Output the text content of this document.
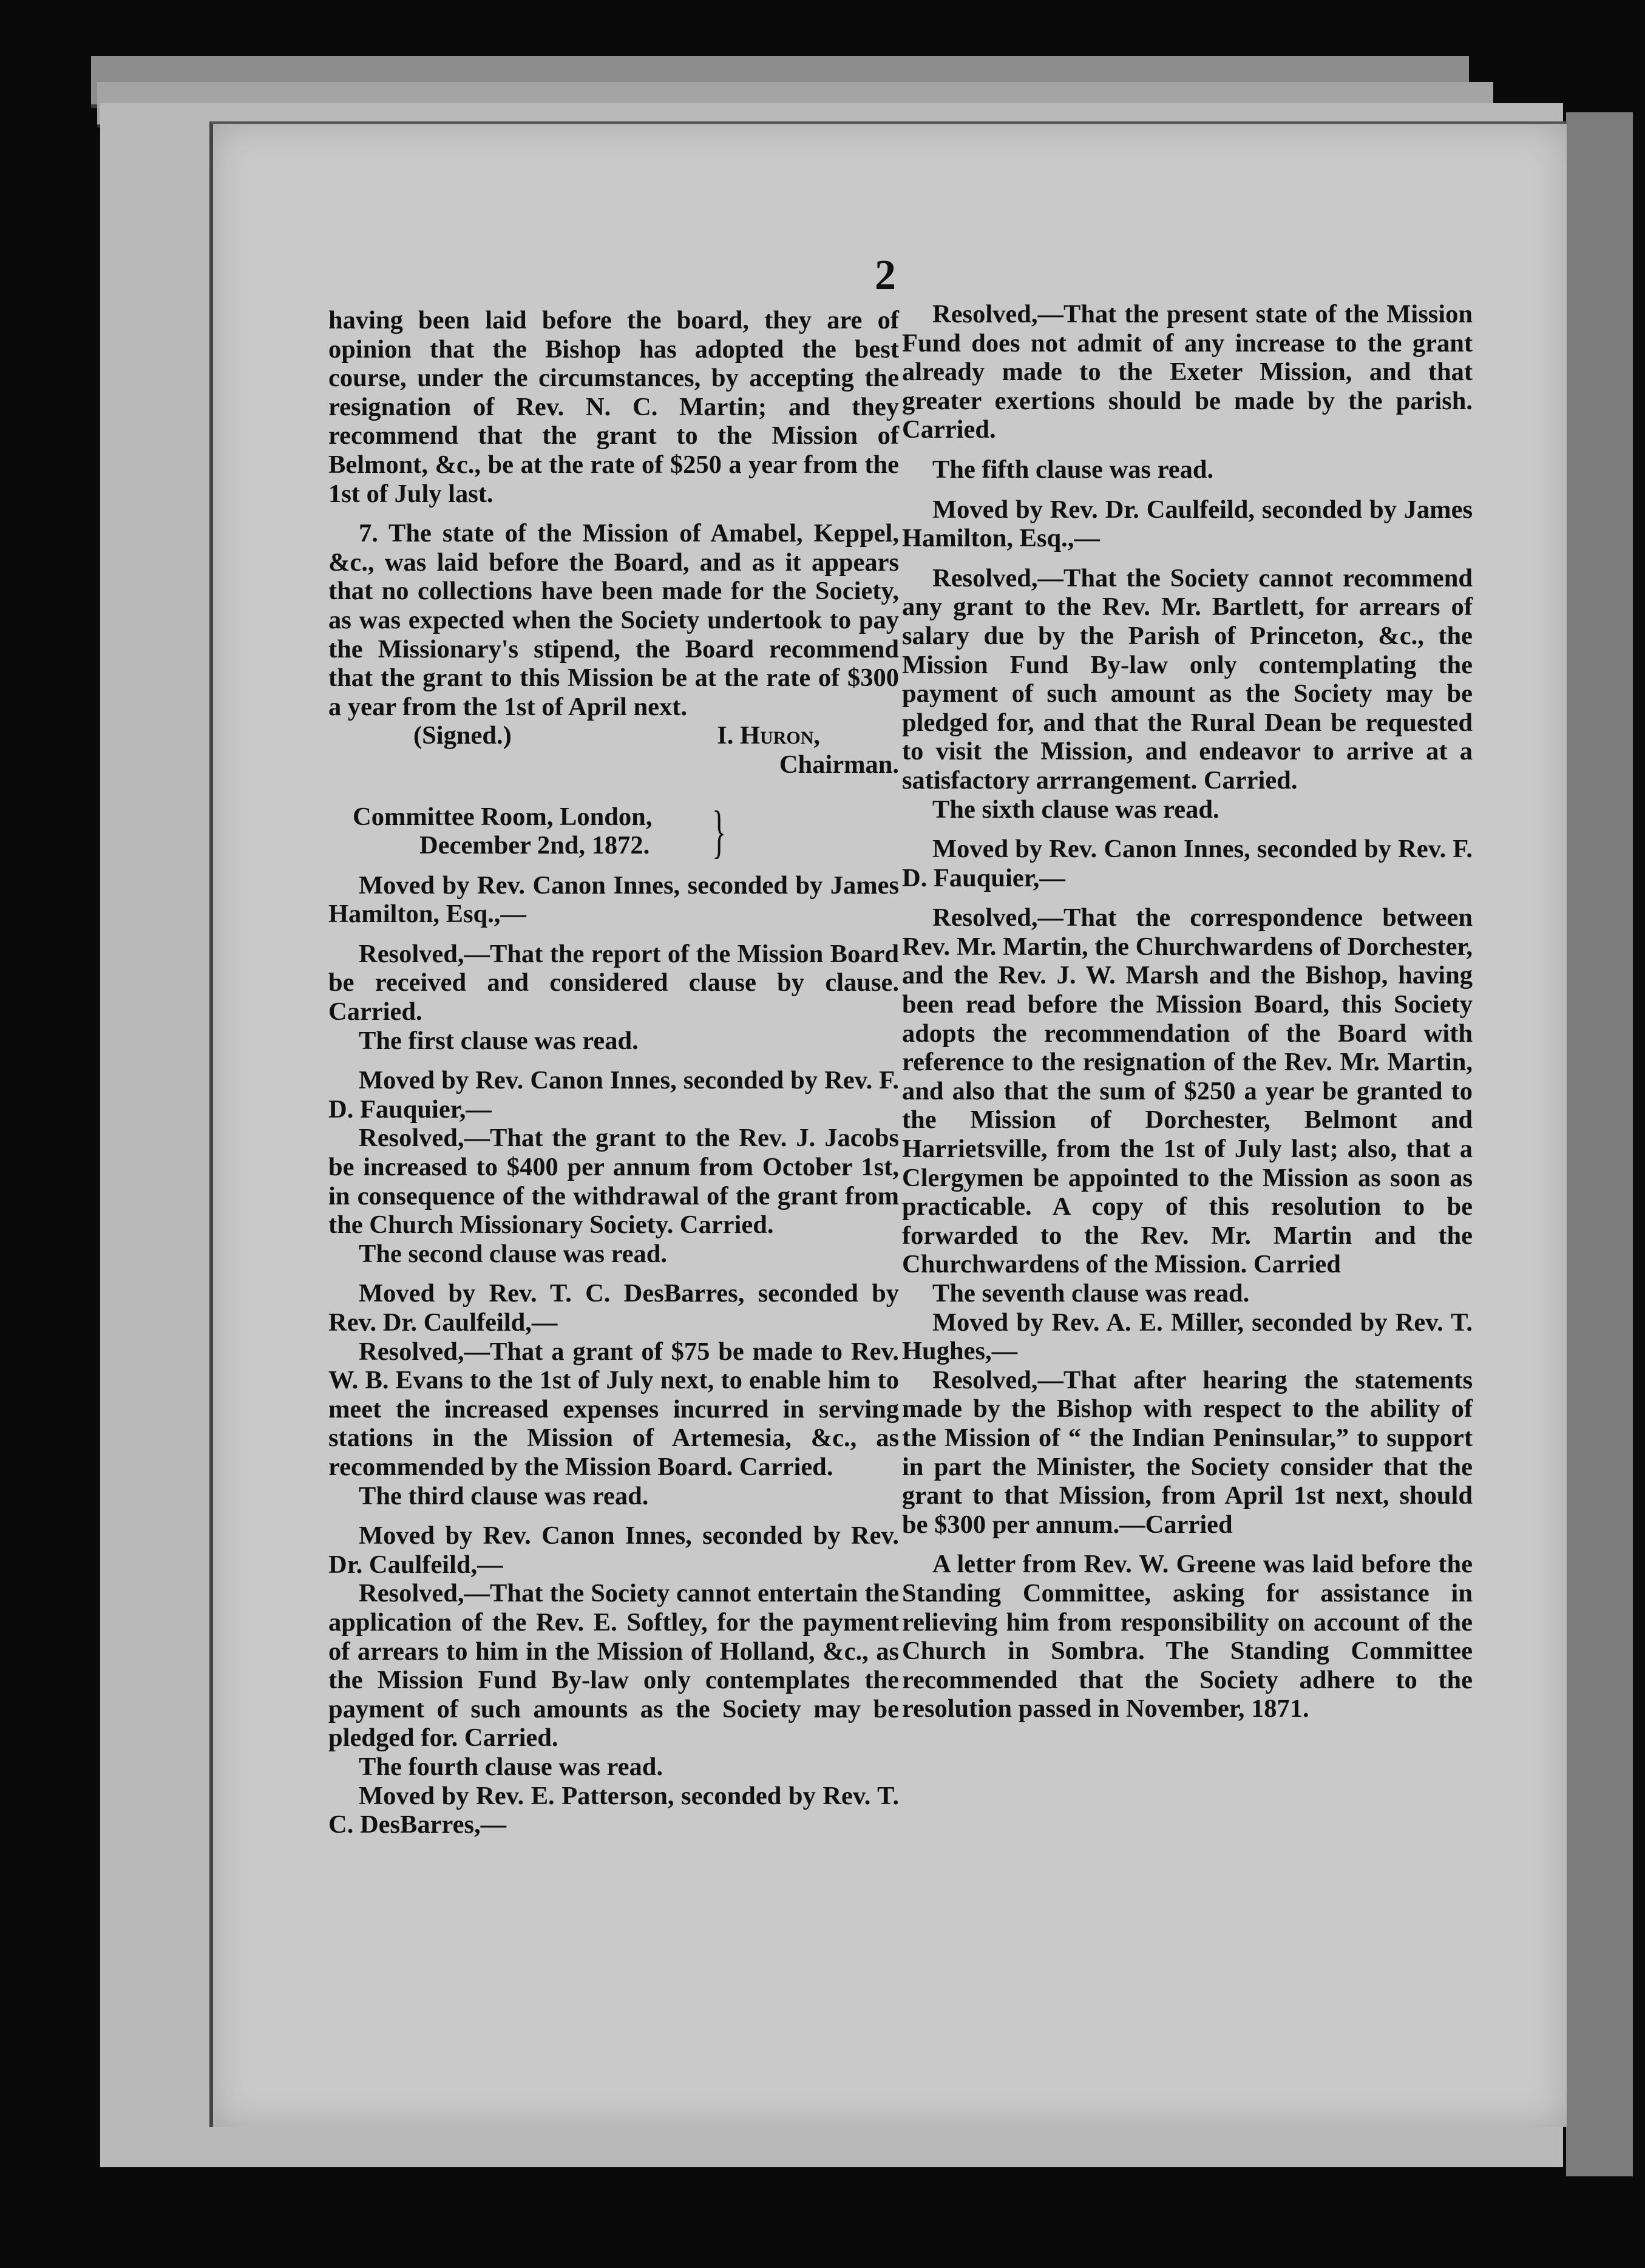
2

having been laid before the board, they are of opinion that the Bishop has adopted the best course, under the circumstances, by accepting the resignation of Rev. N. C. Martin; and they recommend that the grant to the Mission of Belmont, &c., be at the rate of $250 a year from the 1st of July last.

7. The state of the Mission of Amabel, Keppel, &c., was laid before the Board, and as it appears that no collections have been made for the Society, as was expected when the Society undertook to pay the Missionary's stipend, the Board recommend that the grant to this Mission be at the rate of $300 a year from the 1st of April next.

(Signed.)	I. Huron,

Chairman.

Committee Room, London,
December 2nd, 1872.	}

Moved by Rev. Canon Innes, seconded by James Hamilton, Esq.,—

Resolved,—That the report of the Mission Board be received and considered clause by clause. Carried.

The first clause was read.

Moved by Rev. Canon Innes, seconded by Rev. F. D. Fauquier,—

Resolved,—That the grant to the Rev. J. Jacobs be increased to $400 per annum from October 1st, in consequence of the withdrawal of the grant from the Church Missionary Society. Carried.

The second clause was read.

Moved by Rev. T. C. DesBarres, seconded by Rev. Dr. Caulfeild,—

Resolved,—That a grant of $75 be made to Rev. W. B. Evans to the 1st of July next, to enable him to meet the increased expenses incurred in serving stations in the Mission of Artemesia, &c., as recommended by the Mission Board. Carried.

The third clause was read.

Moved by Rev. Canon Innes, seconded by Rev. Dr. Caulfeild,—

Resolved,—That the Society cannot entertain the application of the Rev. E. Softley, for the payment of arrears to him in the Mission of Holland, &c., as the Mission Fund By-law only contemplates the payment of such amounts as the Society may be pledged for. Carried.

The fourth clause was read.

Moved by Rev. E. Patterson, seconded by Rev. T. C. DesBarres,—

Resolved,—That the present state of the Mission Fund does not admit of any increase to the grant already made to the Exeter Mission, and that greater exertions should be made by the parish. Carried.

The fifth clause was read.

Moved by Rev. Dr. Caulfeild, seconded by James Hamilton, Esq.,—

Resolved,—That the Society cannot recommend any grant to the Rev. Mr. Bartlett, for arrears of salary due by the Parish of Princeton, &c., the Mission Fund By-law only contemplating the payment of such amount as the Society may be pledged for, and that the Rural Dean be requested to visit the Mission, and endeavor to arrive at a satisfactory arrrangement. Carried.

The sixth clause was read.

Moved by Rev. Canon Innes, seconded by Rev. F. D. Fauquier,—

Resolved,—That the correspondence between Rev. Mr. Martin, the Churchwardens of Dorchester, and the Rev. J. W. Marsh and the Bishop, having been read before the Mission Board, this Society adopts the recommendation of the Board with reference to the resignation of the Rev. Mr. Martin, and also that the sum of $250 a year be granted to the Mission of Dorchester, Belmont and Harrietsville, from the 1st of July last; also, that a Clergymen be appointed to the Mission as soon as practicable. A copy of this resolution to be forwarded to the Rev. Mr. Martin and the Churchwardens of the Mission. Carried

The seventh clause was read.

Moved by Rev. A. E. Miller, seconded by Rev. T. Hughes,—

Resolved,—That after hearing the statements made by the Bishop with respect to the ability of the Mission of “ the Indian Peninsular,” to support in part the Minister, the Society consider that the grant to that Mission, from April 1st next, should be $300 per annum.—Carried

A letter from Rev. W. Greene was laid before the Standing Committee, asking for assistance in relieving him from responsibility on account of the Church in Sombra. The Standing Committee recommended that the Society adhere to the resolution passed in November, 1871.
